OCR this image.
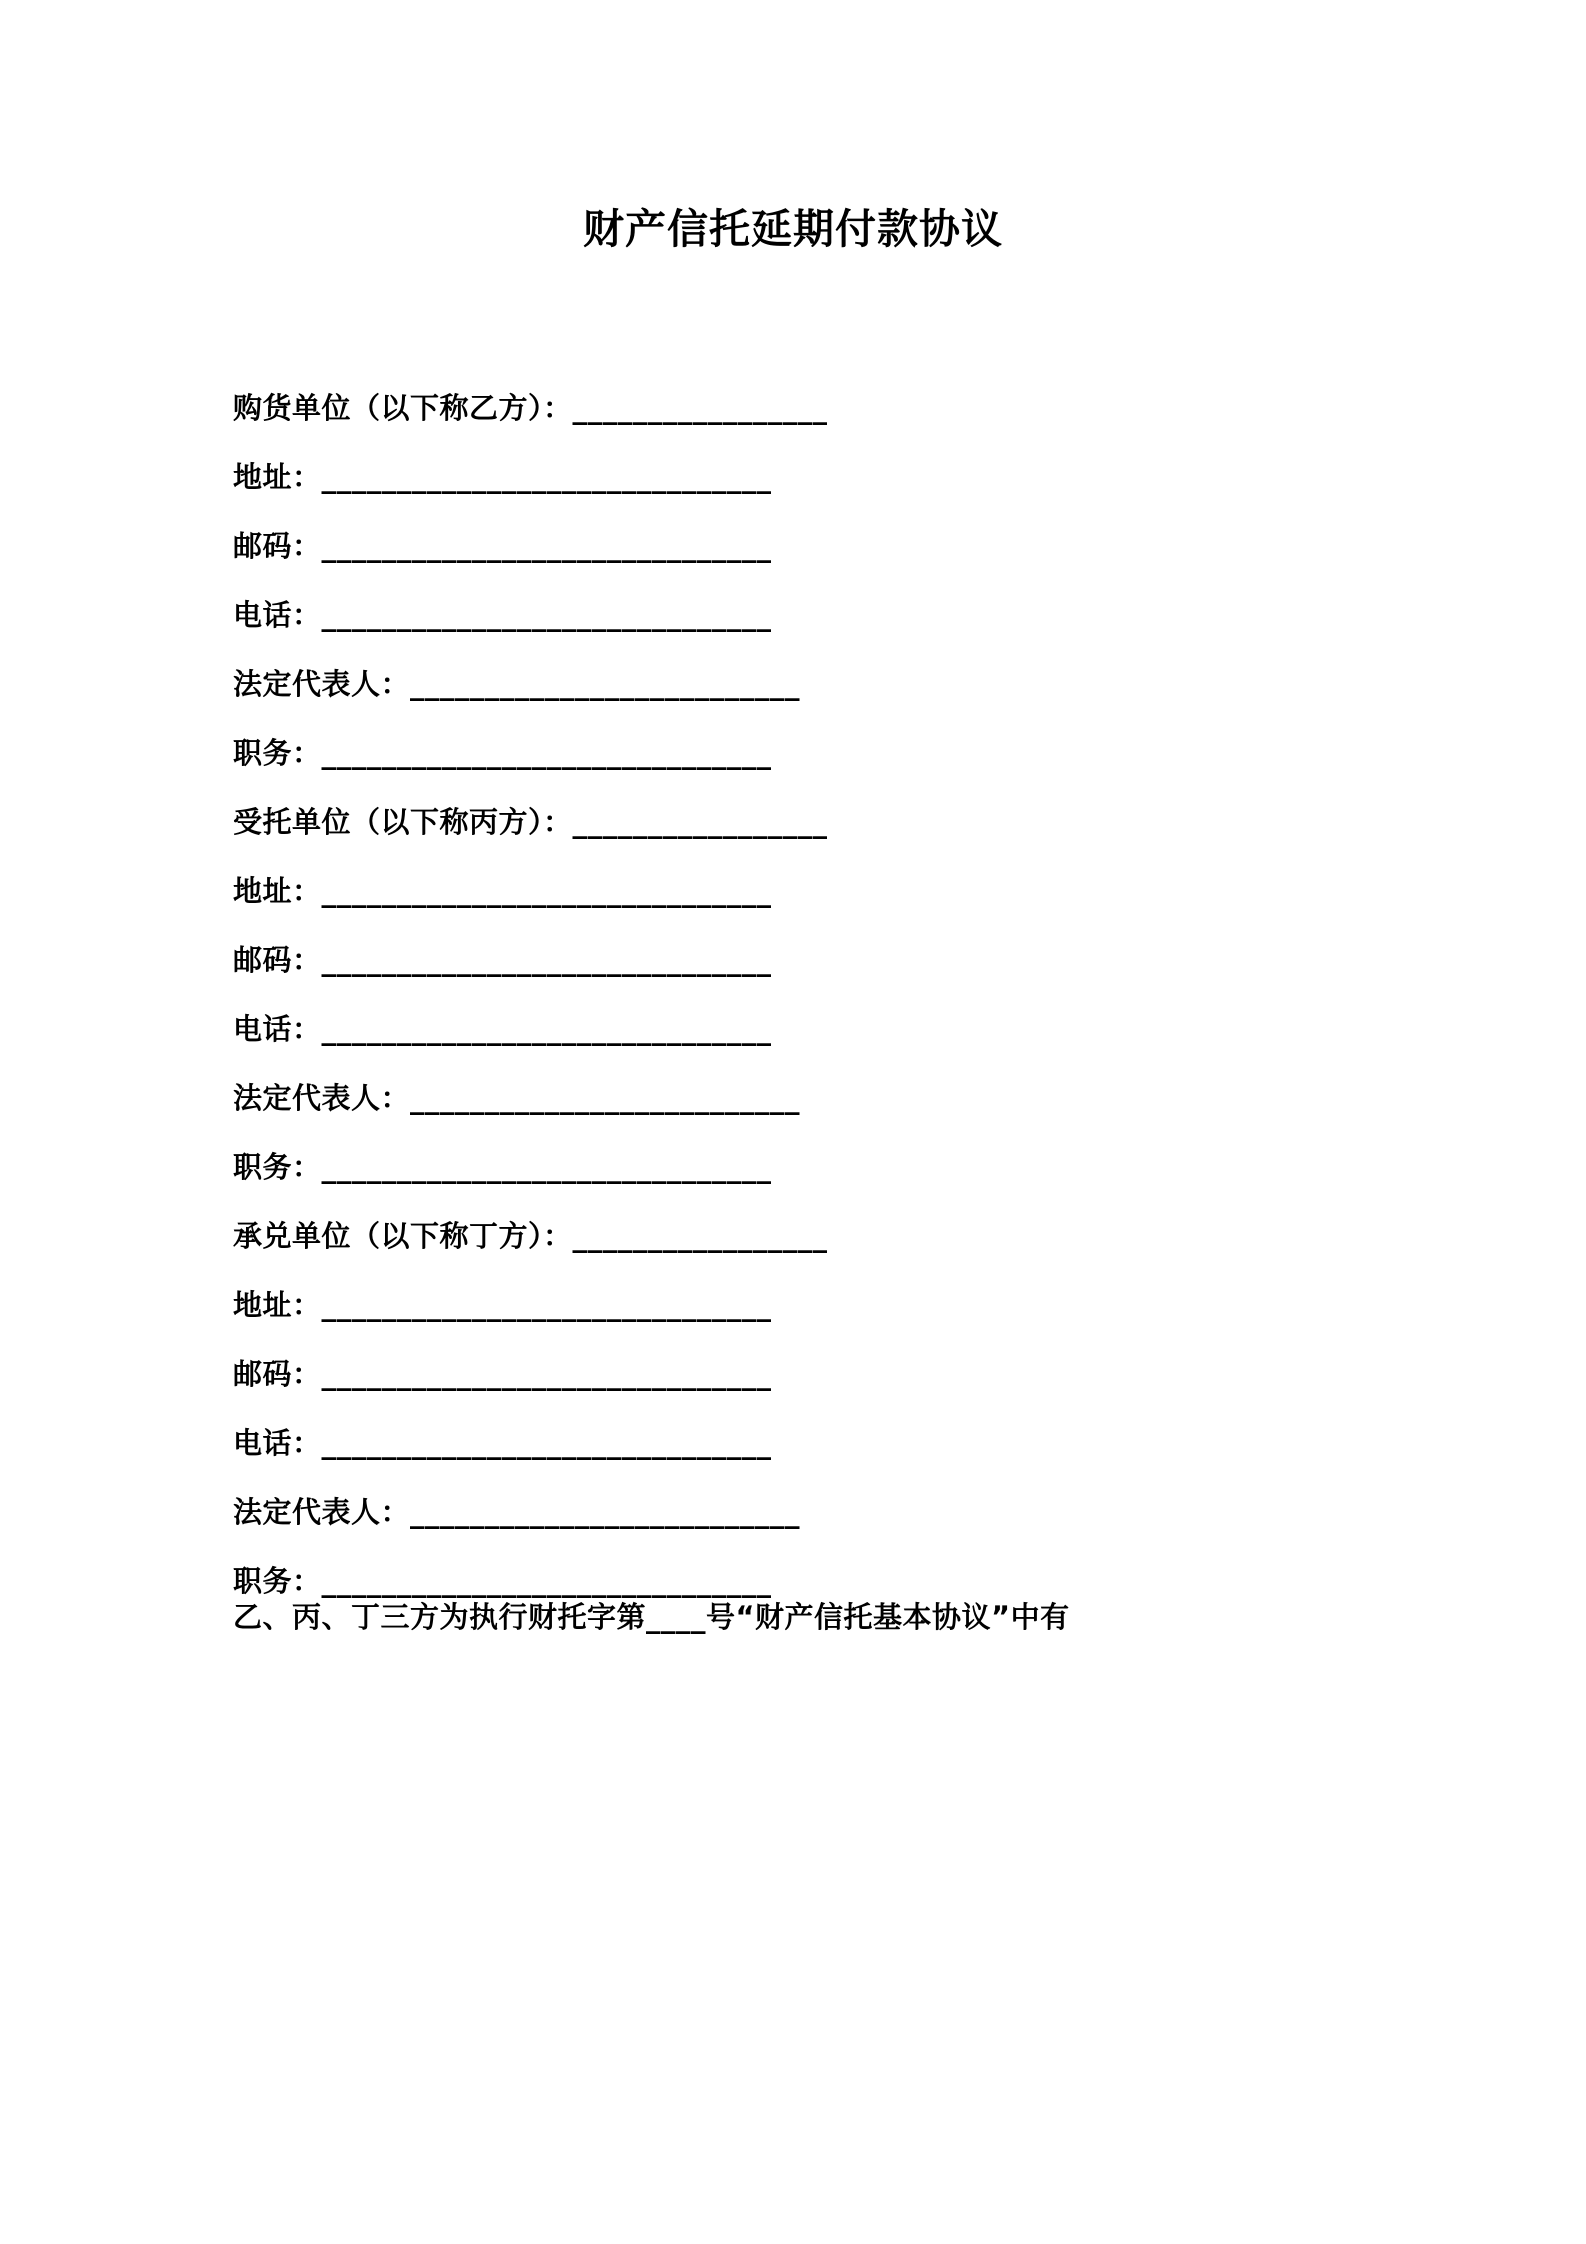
财产信托延期付款协议
购货单位（以下称乙方）：_________________
地址：______________________________
邮码：______________________________
电话：______________________________
法定代表人：__________________________
职务：______________________________
受托单位（以下称丙方）：_________________
地址：______________________________
邮码：______________________________
电话：______________________________
法定代表人：__________________________
职务：______________________________
承兑单位（以下称丁方）：_________________
地址：______________________________
邮码：______________________________
电话：______________________________
法定代表人：__________________________
职务：______________________________

乙、丙、丁三方为执行财托字第____号“财产信托基本协议”中有
